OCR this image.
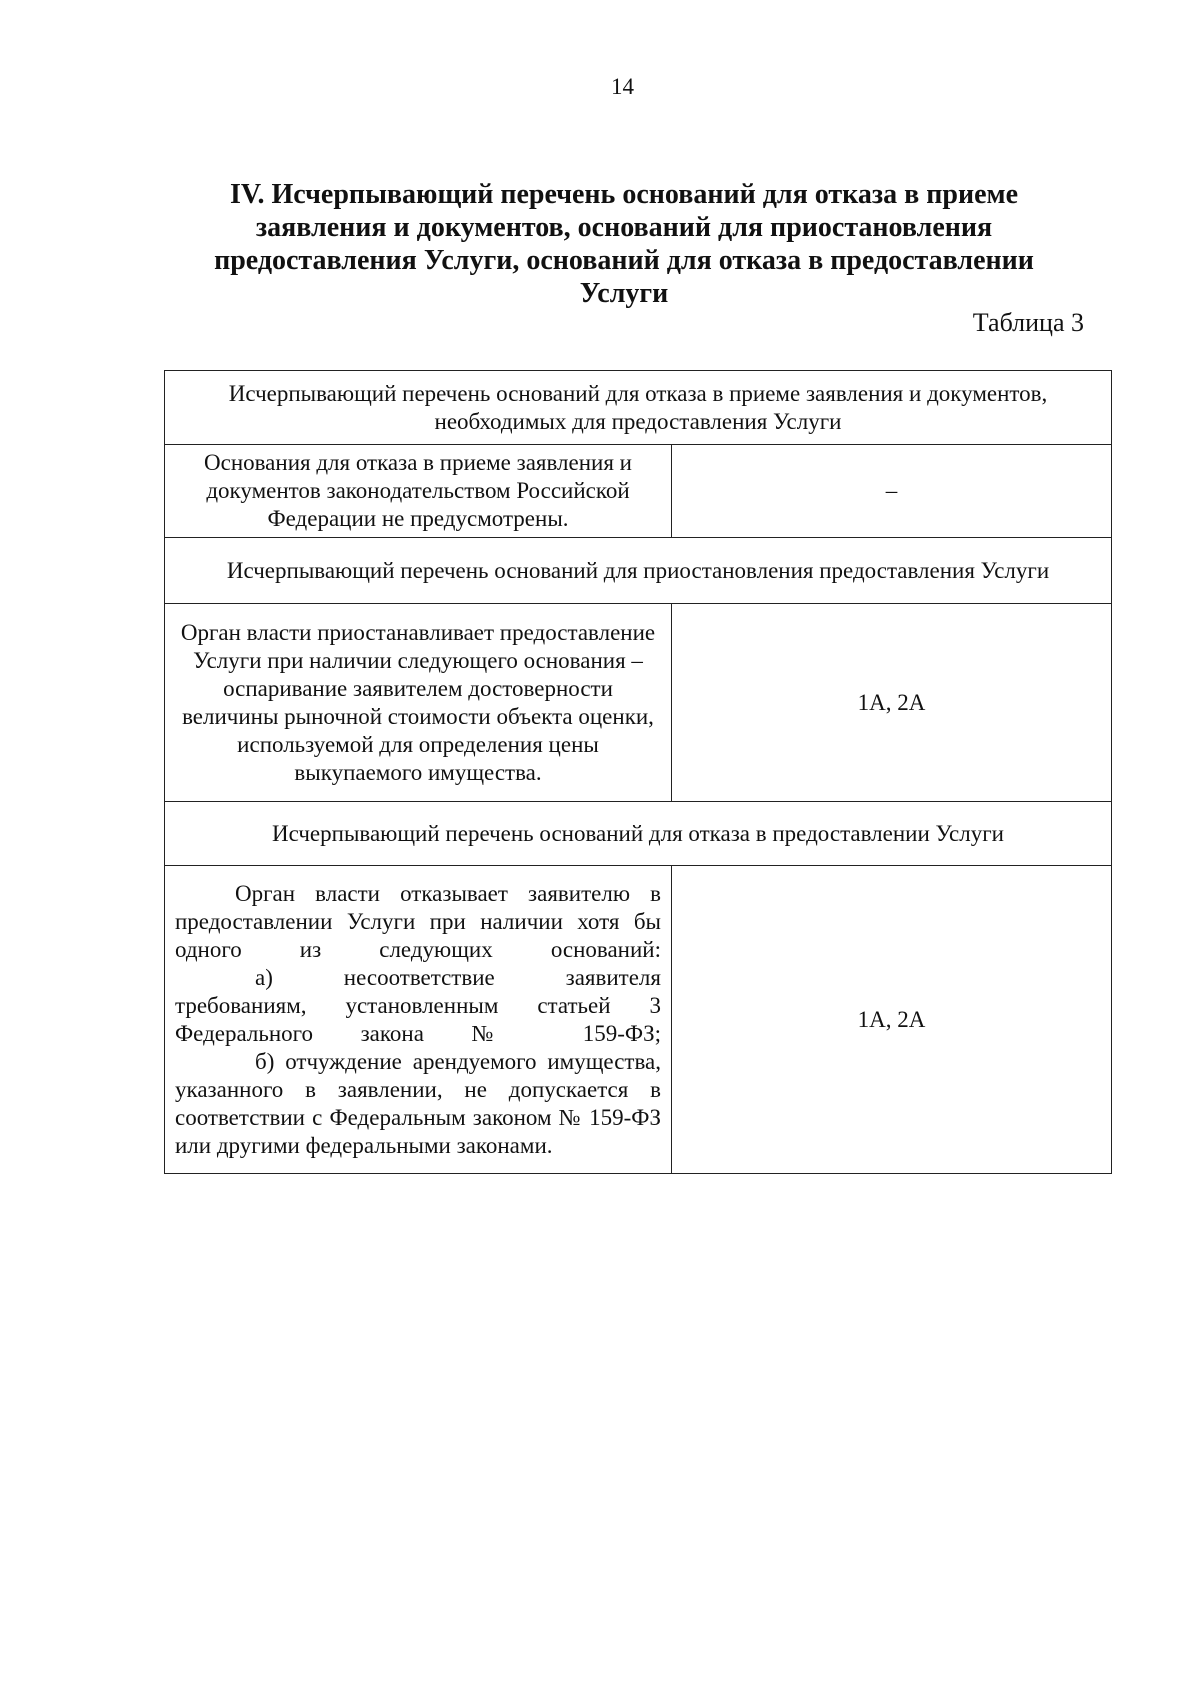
14
IV. Исчерпывающий перечень оснований для отказа в приеме заявления и документов, оснований для приостановления предоставления Услуги, оснований для отказа в предоставлении Услуги
Таблица 3
Исчерпывающий перечень оснований для отказа в приеме заявления и документов, необходимых для предоставления Услуги	
Основания для отказа в приеме заявления и документов законодательством Российской Федерации не предусмотрены.	–
Исчерпывающий перечень оснований для приостановления предоставления Услуги	
Орган власти приостанавливает предоставление Услуги при наличии следующего основания – оспаривание заявителем достоверности величины рыночной стоимости объекта оценки, используемой для определения цены выкупаемого имущества.	1А, 2А
Исчерпывающий перечень оснований для отказа в предоставлении Услуги	

Орган власти отказывает заявителю в предоставлении Услуги при наличии хотя бы одного из следующих оснований:
а) несоответствие заявителя требованиям, установленным статьей 3 Федерального закона № 159-ФЗ;
б) отчуждение арендуемого имущества, указанного в заявлении, не допускается в соответствии с Федеральным законом № 159-ФЗ или другими федеральными законами.	1А, 2А
